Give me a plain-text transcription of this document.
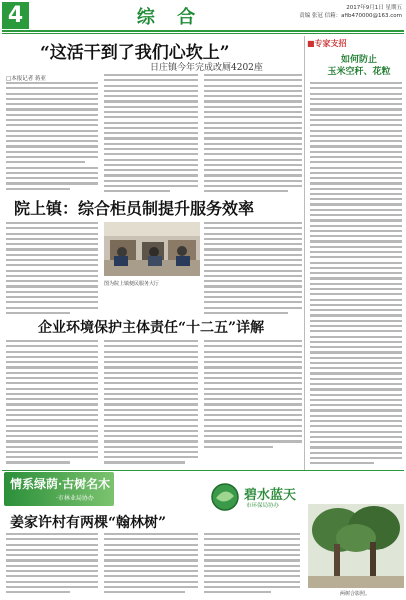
4	综 合	2017年9月1日 星期五
责编 张冠 信箱：afib470000@163.com
“这活干到了我们心坎上”
日庄镇今年完成改厕4202座
□本报记者 蒋亚
院上镇：综合柜员制提升服务效率
图为院上镇便民服务大厅
企业环境保护主体责任“十二五”详解
■专家支招
如何防止
玉米空秆、花粒
情系绿荫·古树名木
·市林业局协办	碧水蓝天
市环保局协办
姜家许村有两棵“翰林树”
两树合影照。
